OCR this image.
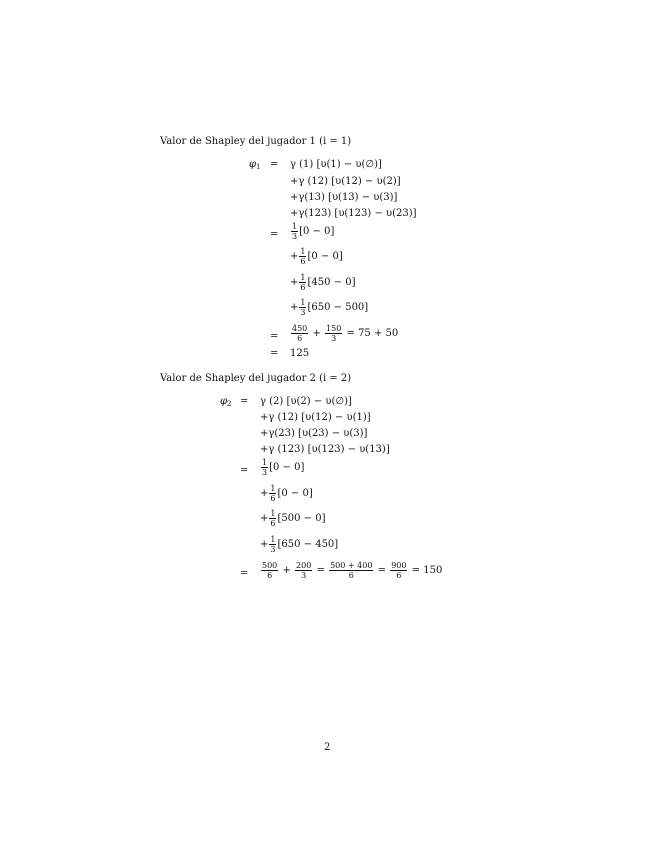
Valor de Shapley del jugador 1 (i = 1)
$\varphi_1 = \gamma$ (1) [υ(1) − υ(∅)]
+γ (12) [υ(12) − υ(2)]
+γ(13) [υ(13) − υ(3)]
+γ(123) [υ(123) − υ(23)]
= $\frac{1}{3} [0 - 0]$
+ $\frac{1}{6} [0 - 0]$
+ $\frac{1}{6} [450 - 0]$
+ $\frac{1}{3} [650 - 500]$
= $\frac{450}{6} + \frac{150}{3} = 75 + 50$
= 125
Valor de Shapley del jugador 2 (i = 2)
$\varphi_2 = \gamma$ (2) [υ(2) − υ(∅)]
+γ (12) [υ(12) − υ(1)]
+γ(23) [υ(23) − υ(3)]
+γ (123) [υ(123) − υ(13)]
= $\frac{1}{3} [0 - 0]$
+ $\frac{1}{6} [0 - 0]$
+ $\frac{1}{6} [500 - 0]$
+ $\frac{1}{3} [650 - 450]$
= $\frac{500}{6} + \frac{200}{3} = \frac{500 + 400}{6} = \frac{900}{6} = 150$
2
